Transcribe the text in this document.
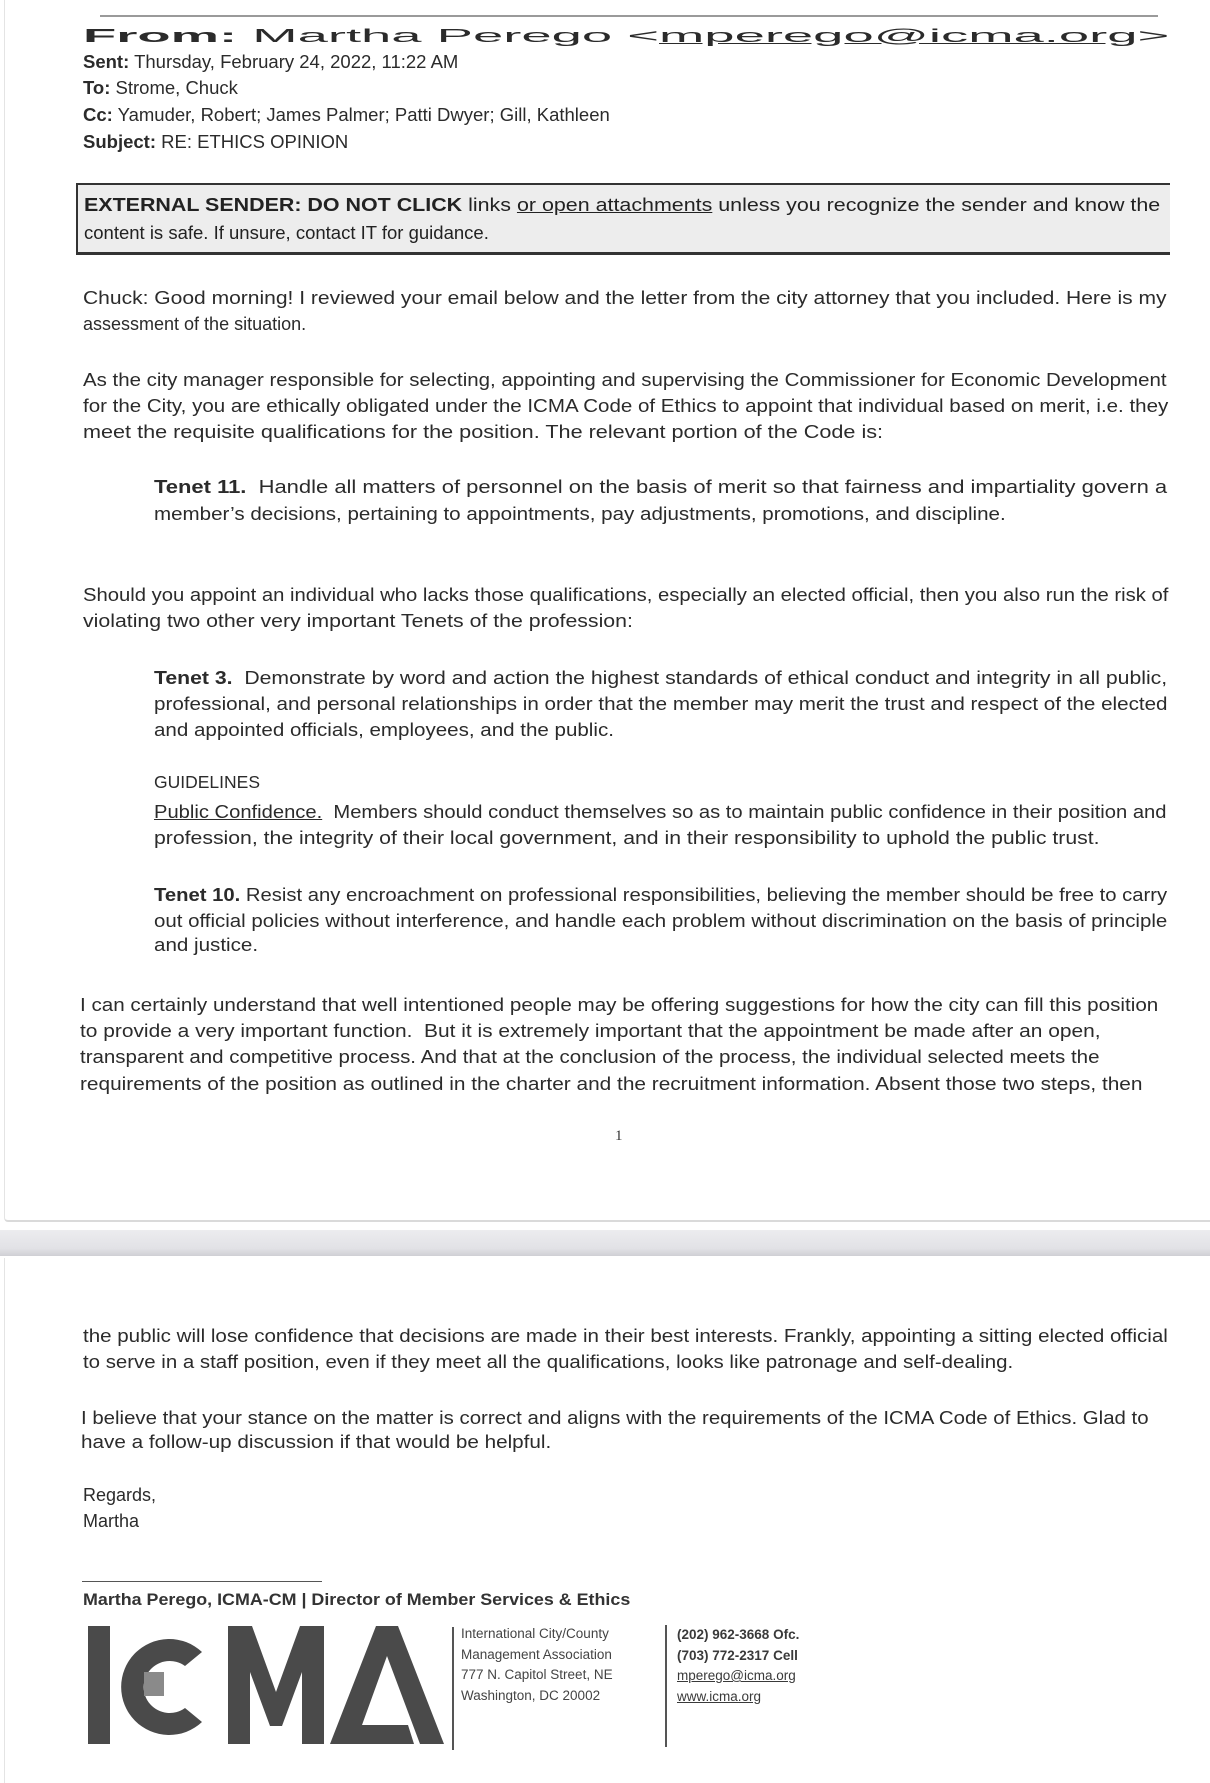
From: Martha Perego <mperego@icma.org>
Sent: Thursday, February 24, 2022, 11:22 AM
To: Strome, Chuck
Cc: Yamuder, Robert; James Palmer; Patti Dwyer; Gill, Kathleen
Subject: RE: ETHICS OPINION
EXTERNAL SENDER: DO NOT CLICK links or open attachments unless you recognize the sender and know the
content is safe. If unsure, contact IT for guidance.
Chuck: Good morning! I reviewed your email below and the letter from the city attorney that you included. Here is my
assessment of the situation.
As the city manager responsible for selecting, appointing and supervising the Commissioner for Economic Development
for the City, you are ethically obligated under the ICMA Code of Ethics to appoint that individual based on merit, i.e. they
meet the requisite qualifications for the position. The relevant portion of the Code is:
Tenet 11.  Handle all matters of personnel on the basis of merit so that fairness and impartiality govern a
member’s decisions, pertaining to appointments, pay adjustments, promotions, and discipline.
Should you appoint an individual who lacks those qualifications, especially an elected official, then you also run the risk of
violating two other very important Tenets of the profession:
Tenet 3.  Demonstrate by word and action the highest standards of ethical conduct and integrity in all public,
professional, and personal relationships in order that the member may merit the trust and respect of the elected
and appointed officials, employees, and the public.
GUIDELINES
Public Confidence.  Members should conduct themselves so as to maintain public confidence in their position and
profession, the integrity of their local government, and in their responsibility to uphold the public trust.
Tenet 10. Resist any encroachment on professional responsibilities, believing the member should be free to carry
out official policies without interference, and handle each problem without discrimination on the basis of principle
and justice.
I can certainly understand that well intentioned people may be offering suggestions for how the city can fill this position
to provide a very important function.  But it is extremely important that the appointment be made after an open,
transparent and competitive process. And that at the conclusion of the process, the individual selected meets the
requirements of the position as outlined in the charter and the recruitment information. Absent those two steps, then
1
the public will lose confidence that decisions are made in their best interests. Frankly, appointing a sitting elected official
to serve in a staff position, even if they meet all the qualifications, looks like patronage and self-dealing.
I believe that your stance on the matter is correct and aligns with the requirements of the ICMA Code of Ethics. Glad to
have a follow-up discussion if that would be helpful.
Regards,
Martha
Martha Perego, ICMA-CM | Director of Member Services & Ethics
International City/County
Management Association
777 N. Capitol Street, NE
Washington, DC 20002
(202) 962-3668 Ofc.
(703) 772-2317 Cell
mperego@icma.org
www.icma.org
